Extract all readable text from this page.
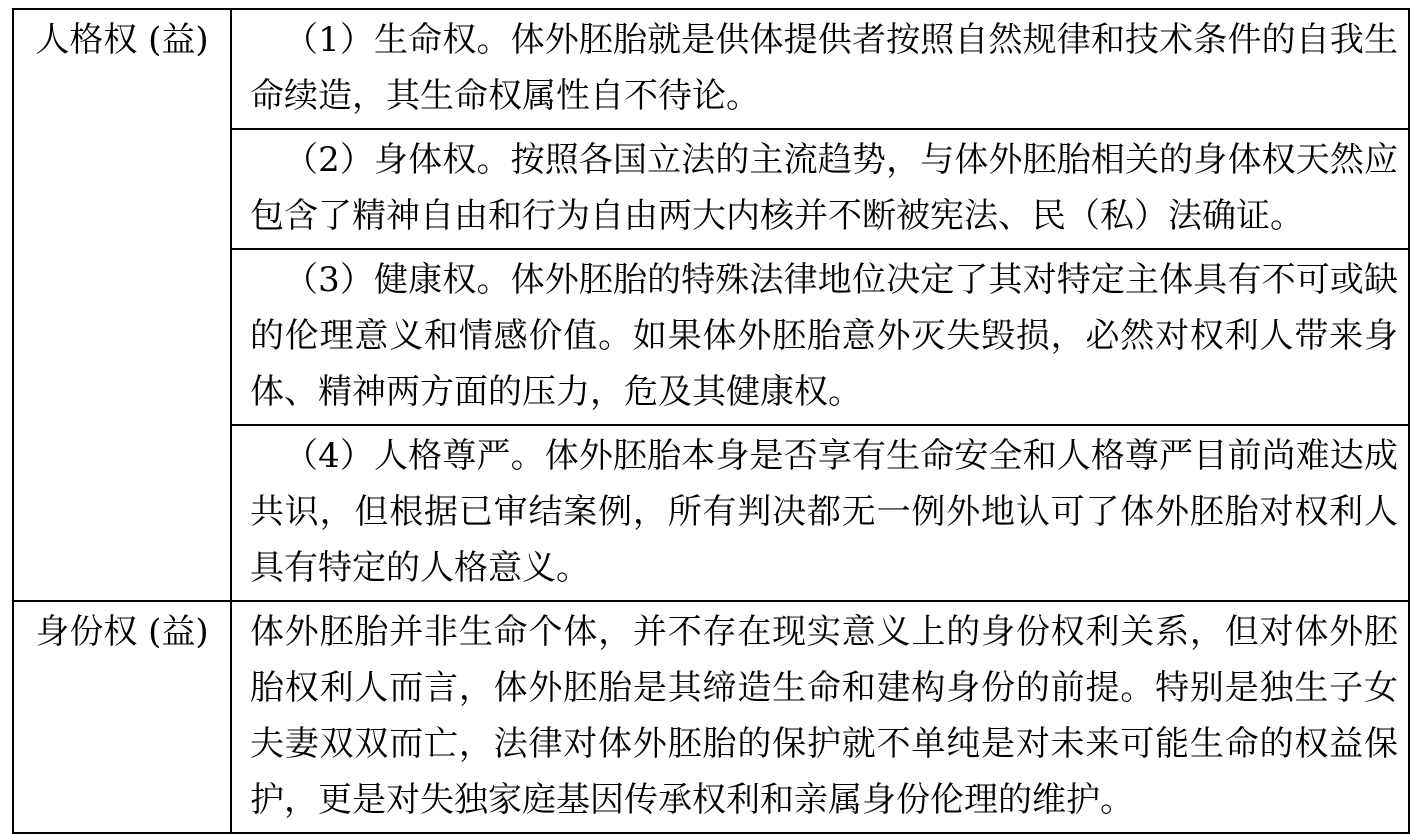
人格权 (益)	（1）生命权。体外胚胎就是供体提供者按照自然规律和技术条件的自我生命续造，其生命权属性自不待论。
	（2）身体权。按照各国立法的主流趋势，与体外胚胎相关的身体权天然应包含了精神自由和行为自由两大内核并不断被宪法、民（私）法确证。
	（3）健康权。体外胚胎的特殊法律地位决定了其对特定主体具有不可或缺的伦理意义和情感价值。如果体外胚胎意外灭失毁损，必然对权利人带来身体、精神两方面的压力，危及其健康权。
	（4）人格尊严。体外胚胎本身是否享有生命安全和人格尊严目前尚难达成共识，但根据已审结案例，所有判决都无一例外地认可了体外胚胎对权利人具有特定的人格意义。
身份权 (益)	体外胚胎并非生命个体，并不存在现实意义上的身份权利关系，但对体外胚胎权利人而言，体外胚胎是其缔造生命和建构身份的前提。特别是独生子女夫妻双双而亡，法律对体外胚胎的保护就不单纯是对未来可能生命的权益保护，更是对失独家庭基因传承权利和亲属身份伦理的维护。
